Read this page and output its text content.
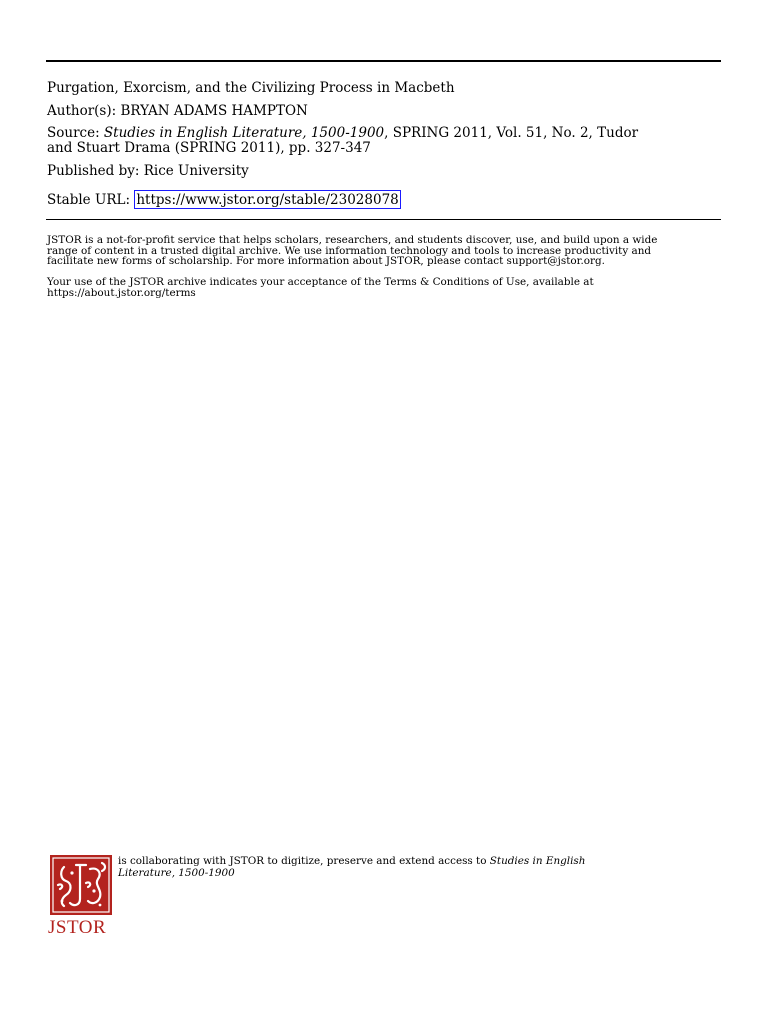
Purgation, Exorcism, and the Civilizing Process in Macbeth
Author(s): BRYAN ADAMS HAMPTON
Source: Studies in English Literature, 1500-1900, SPRING 2011, Vol. 51, No. 2, Tudor
and Stuart Drama (SPRING 2011), pp. 327-347
Published by: Rice University
Stable URL: https://www.jstor.org/stable/23028078
JSTOR is a not-for-profit service that helps scholars, researchers, and students discover, use, and build upon a wide
range of content in a trusted digital archive. We use information technology and tools to increase productivity and
facilitate new forms of scholarship. For more information about JSTOR, please contact support@jstor.org.
Your use of the JSTOR archive indicates your acceptance of the Terms & Conditions of Use, available at
https://about.jstor.org/terms
JSTOR
is collaborating with JSTOR to digitize, preserve and extend access to Studies in English
Literature, 1500-1900
